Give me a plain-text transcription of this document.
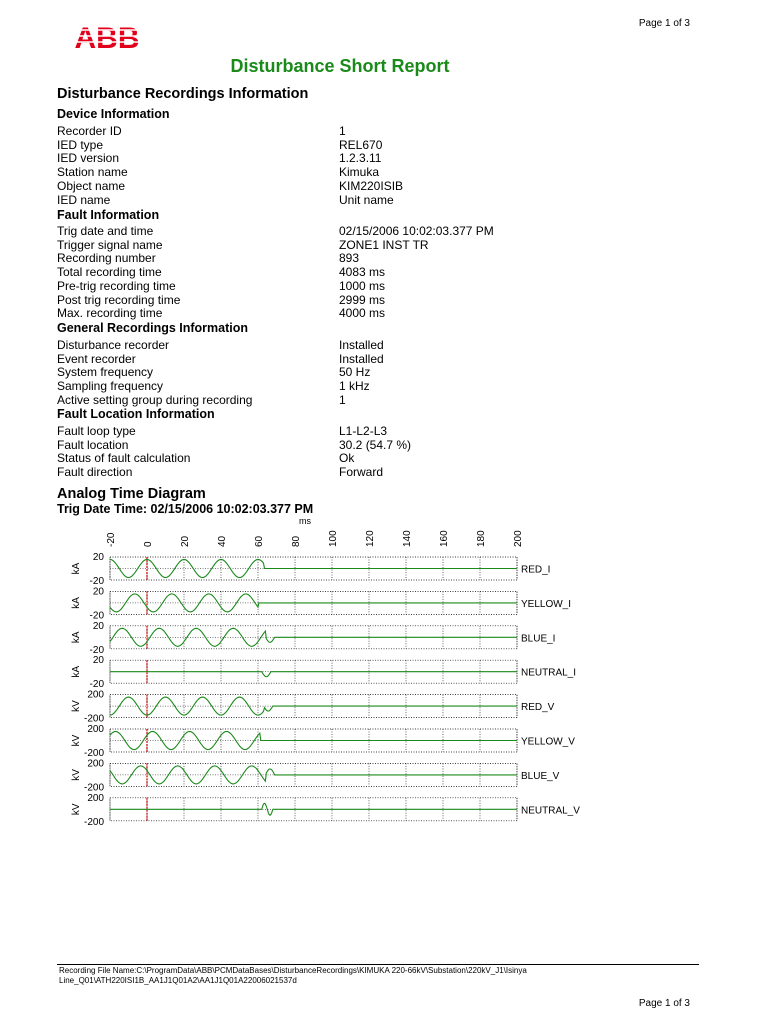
Page 1 of 3
ABB
Disturbance Short Report
Disturbance Recordings Information
Device Information
Recorder ID	1
IED type	REL670
IED version	1.2.3.11
Station name	Kimuka
Object name	KIM220ISIB
IED name	Unit name
Fault Information
Trig date and time	02/15/2006 10:02:03.377 PM
Trigger signal name	ZONE1 INST TR
Recording number	893
Total recording time	4083 ms
Pre-trig recording time	1000 ms
Post trig recording time	2999 ms
Max. recording time	4000 ms
General Recordings Information
Disturbance recorder	Installed
Event recorder	Installed
System frequency	50 Hz
Sampling frequency	1 kHz
Active setting group during recording	1
Fault Location Information
Fault loop type	L1-L2-L3
Fault location	30.2 (54.7 %)
Status of fault calculation	Ok
Fault direction	Forward
Analog Time Diagram
Trig Date Time: 02/15/2006 10:02:03.377 PM
-20	0	20	40	60	80	100	120	140	160	180	200
ms
20
-20
kA	RED_I
20
-20
kA	YELLOW_I
20
-20
kA	BLUE_I
20
-20
kA	NEUTRAL_I
200
-200
kV	RED_V
200
-200
kV	YELLOW_V
200
-200
kV	BLUE_V
200
-200
kV	NEUTRAL_V
Recording File Name:C:\ProgramData\ABB\PCMDataBases\DisturbanceRecordings\KIMUKA 220-66kV\Substation\220kV_J1\Isinya Line_Q01\ATH220ISI1B_AA1J1Q01A2\AA1J1Q01A22006021537d
Page 1 of 3
